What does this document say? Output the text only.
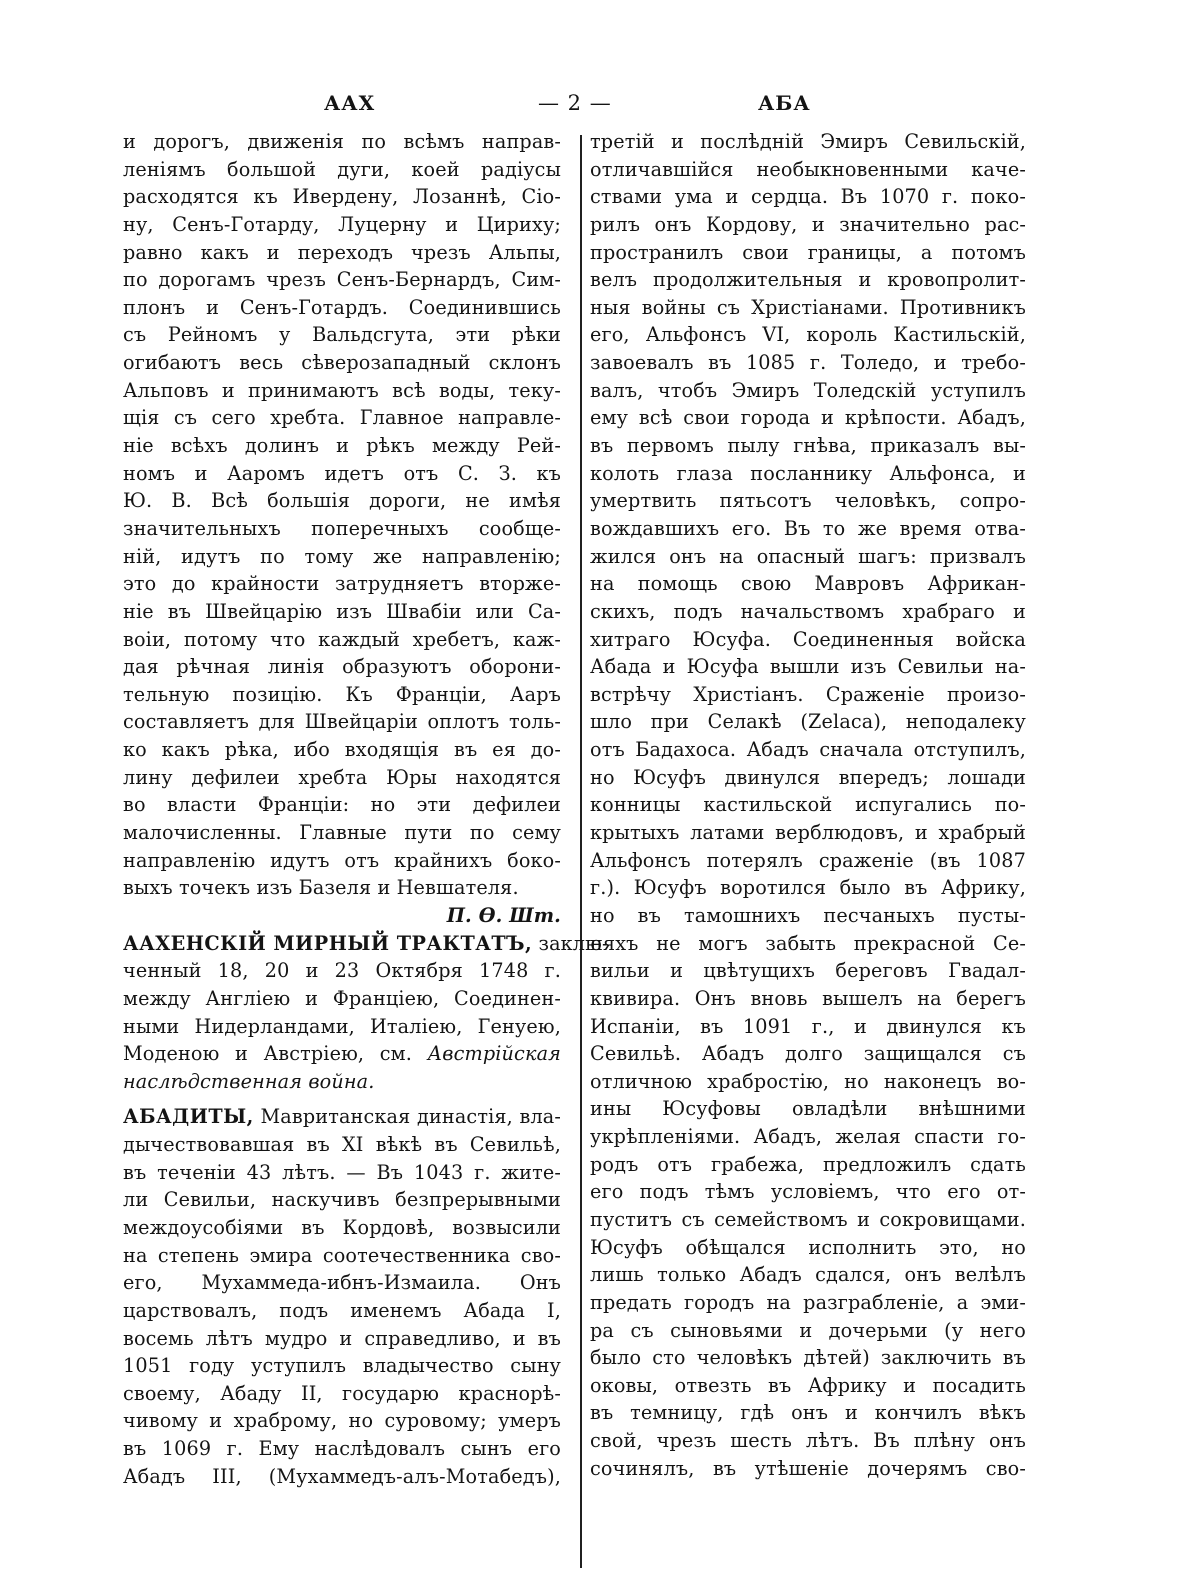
ААХ	— 2 —	АБА
и дорогъ, движенія по всѣмъ направ-
леніямъ большой дуги, коей радіусы
расходятся къ Ивердену, Лозаннѣ, Сіо-
ну, Сенъ-Готарду, Луцерну и Цириху;
равно какъ и переходъ чрезъ Альпы,
по дорогамъ чрезъ Сенъ-Бернардъ, Сим-
плонъ и Сенъ-Готардъ. Соединившись
съ Рейномъ у Вальдсгута, эти рѣки
огибаютъ весь сѣверозападный склонъ
Альповъ и принимаютъ всѣ воды, теку-
щія съ сего хребта. Главное направле-
ніе всѣхъ долинъ и рѣкъ между Рей-
номъ и Ааромъ идетъ отъ С. З. къ
Ю. В. Всѣ большія дороги, не имѣя
значительныхъ поперечныхъ сообще-
ній, идутъ по тому же направленію;
это до крайности затрудняетъ вторже-
ніе въ Швейцарію изъ Швабіи или Са-
воіи, потому что каждый хребетъ, каж-
дая рѣчная линія образуютъ оборони-
тельную позицію. Къ Франціи, Ааръ
составляетъ для Швейцаріи оплотъ толь-
ко какъ рѣка, ибо входящія въ ея до-
лину дефилеи хребта Юры находятся
во власти Франціи: но эти дефилеи
малочисленны. Главные пути по сему
направленію идутъ отъ крайнихъ боко-
выхъ точекъ изъ Базеля и Невшателя.
П. Ѳ. Шт.
ААХЕНСКІЙ МИРНЫЙ ТРАКТАТЪ, заклю-
ченный 18, 20 и 23 Октября 1748 г.
между Англіею и Франціею, Соединен-
ными Нидерландами, Италіею, Генуею,
Моденою и Австріею, см. Австрійская
наслѣдственная война.
АБАДИТЫ, Мавританская династія, вла-
дычествовавшая въ XI вѣкѣ въ Севильѣ,
въ теченіи 43 лѣтъ. — Въ 1043 г. жите-
ли Севильи, наскучивъ безпрерывными
междоусобіями въ Кордовѣ, возвысили
на степень эмира соотечественника сво-
его, Мухаммеда-ибнъ-Измаила. Онъ
царствовалъ, подъ именемъ Абада I,
восемь лѣтъ мудро и справедливо, и въ
1051 году уступилъ владычество сыну
своему, Абаду II, государю краснорѣ-
чивому и храброму, но суровому; умеръ
въ 1069 г. Ему наслѣдовалъ сынъ его
Абадъ III, (Мухаммедъ-алъ-Мотабедъ),
третій и послѣдній Эмиръ Севильскій,
отличавшійся необыкновенными каче-
ствами ума и сердца. Въ 1070 г. поко-
рилъ онъ Кордову, и значительно рас-
пространилъ свои границы, а потомъ
велъ продолжительныя и кровопролит-
ныя войны съ Христіанами. Противникъ
его, Альфонсъ VI, король Кастильскій,
завоевалъ въ 1085 г. Толедо, и требо-
валъ, чтобъ Эмиръ Толедскій уступилъ
ему всѣ свои города и крѣпости. Абадъ,
въ первомъ пылу гнѣва, приказалъ вы-
колоть глаза посланнику Альфонса, и
умертвить пятьсотъ человѣкъ, сопро-
вождавшихъ его. Въ то же время отва-
жился онъ на опасный шагъ: призвалъ
на помощь свою Мавровъ Африкан-
скихъ, подъ начальствомъ храбраго и
хитраго Юсуфа. Соединенныя войска
Абада и Юсуфа вышли изъ Севильи на-
встрѣчу Христіанъ. Сраженіе произо-
шло при Селакѣ (Zelaca), неподалеку
отъ Бадахоса. Абадъ сначала отступилъ,
но Юсуфъ двинулся впередъ; лошади
конницы кастильской испугались по-
крытыхъ латами верблюдовъ, и храбрый
Альфонсъ потерялъ сраженіе (въ 1087
г.). Юсуфъ воротился было въ Африку,
но въ тамошнихъ песчаныхъ пусты-
няхъ не могъ забыть прекрасной Се-
вильи и цвѣтущихъ береговъ Гвадал-
квивира. Онъ вновь вышелъ на берегъ
Испаніи, въ 1091 г., и двинулся къ
Севильѣ. Абадъ долго защищался съ
отличною храбростію, но наконецъ во-
ины Юсуфовы овладѣли внѣшними
укрѣпленіями. Абадъ, желая спасти го-
родъ отъ грабежа, предложилъ сдать
его подъ тѣмъ условіемъ, что его от-
пуститъ съ семействомъ и сокровищами.
Юсуфъ обѣщался исполнить это, но
лишь только Абадъ сдался, онъ велѣлъ
предать городъ на разграбленіе, а эми-
ра съ сыновьями и дочерьми (у него
было сто человѣкъ дѣтей) заключить въ
оковы, отвезть въ Африку и посадить
въ темницу, гдѣ онъ и кончилъ вѣкъ
свой, чрезъ шесть лѣтъ. Въ плѣну онъ
сочинялъ, въ утѣшеніе дочерямъ сво-
